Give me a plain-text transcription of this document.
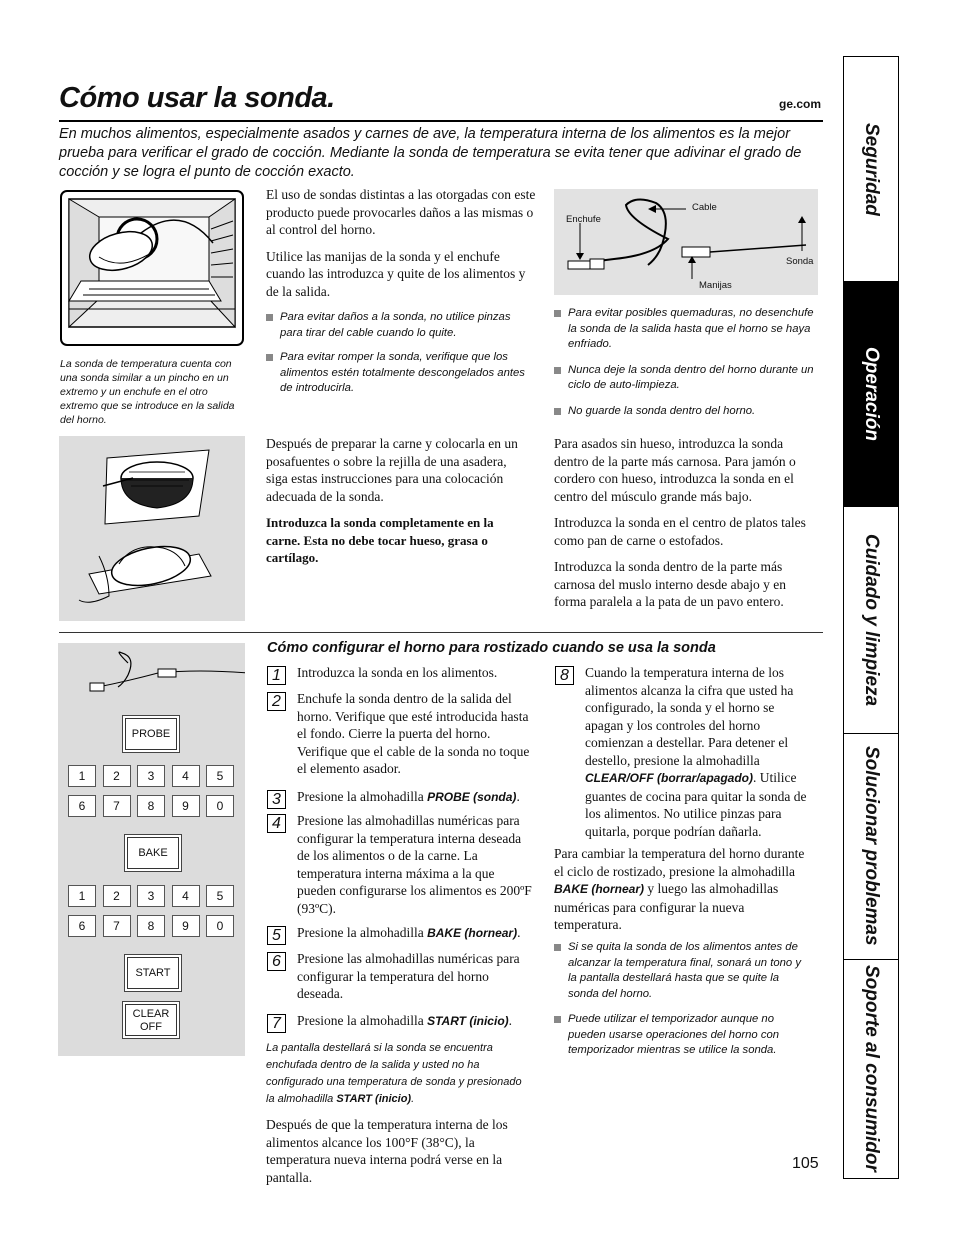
Cómo usar la sonda.	ge.com
En muchos alimentos, especialmente asados y carnes de ave, la temperatura interna de los alimentos es la mejor prueba para verificar el grado de cocción. Mediante la sonda de temperatura se evita tener que adivinar el grado de cocción y se logra el punto de cocción exacto.
La sonda de temperatura cuenta con una sonda similar a un pincho en un extremo y un enchufe en el otro extremo que se introduce en la salida del horno.

El uso de sondas distintas a las otorgadas con este producto puede provocarles daños a las mismas o al control del horno.

Utilice las manijas de la sonda y el enchufe cuando las introduzca y quite de los alimentos y de la salida.

Para evitar daños a la sonda, no utilice pinzas para tirar del cable cuando lo quite.
Para evitar romper la sonda, verifique que los alimentos estén totalmente descongelados antes de introducirla.
Enchufe
Cable
Manijas
Sonda
Para evitar posibles quemaduras, no desenchufe la sonda de la salida hasta que el horno se haya enfriado.
Nunca deje la sonda dentro del horno durante un ciclo de auto-limpieza.
No guarde la sonda dentro del horno.

Después de preparar la carne y colocarla en un posafuentes o sobre la rejilla de una asadera, siga estas instrucciones para una colocación adecuada de la sonda.

Introduzca la sonda completamente en la carne. Esta no debe tocar hueso, grasa o cartílago.

Para asados sin hueso, introduzca la sonda dentro de la parte más carnosa. Para jamón o cordero con hueso, introduzca la sonda en el centro del músculo grande más bajo.

Introduzca la sonda en el centro de platos tales como pan de carne o estofados.

Introduzca la sonda dentro de la parte más carnosa del muslo interno desde abajo y en forma paralela a la pata de un pavo entero.

Cómo configurar el horno para rostizado cuando se usa la sonda
PROBE
BAKE
START
CLEAR
OFF
1	2	3	4	5
6	7	8	9	0
1	2	3	4	5
6	7	8	9	0
1	Introduzca la sonda en los alimentos.
2	Enchufe la sonda dentro de la salida del horno. Verifique que esté introducida hasta el fondo. Cierre la puerta del horno. Verifique que el cable de la sonda no toque el elemento asador.
3	Presione la almohadilla PROBE (sonda).
4	Presione las almohadillas numéricas para configurar la temperatura interna deseada de los alimentos o de la carne. La temperatura interna máxima a la que pueden configurarse los alimentos es 200ºF (93ºC).
5	Presione la almohadilla BAKE (hornear).
6	Presione las almohadillas numéricas para configurar la temperatura del horno deseada.
7	Presione la almohadilla START (inicio).
La pantalla destellará si la sonda se encuentra enchufada dentro de la salida y usted no ha configurado una temperatura de sonda y presionado la almohadilla START (inicio).

Después de que la temperatura interna de los alimentos alcance los 100°F (38°C), la temperatura nueva interna podrá verse en la pantalla.

8	Cuando la temperatura interna de los alimentos alcanza la cifra que usted ha configurado, la sonda y el horno se apagan y los controles del horno comienzan a destellar. Para detener el destello, presione la almohadilla CLEAR/OFF (borrar/apagado). Utilice guantes de cocina para quitar la sonda de los alimentos. No utilice pinzas para quitarla, porque podrían dañarla.

Para cambiar la temperatura del horno durante el ciclo de rostizado, presione la almohadilla BAKE (hornear) y luego las almohadillas numéricas para configurar la nueva temperatura.

Si se quita la sonda de los alimentos antes de alcanzar la temperatura final, sonará un tono y la pantalla destellará hasta que se quite la sonda del horno.
Puede utilizar el temporizador aunque no pueden usarse operaciones del horno con temporizador mientras se utilice la sonda.
Seguridad
Operación
Cuidado y limpieza
Solucionar problemas
Soporte al consumidor
105
